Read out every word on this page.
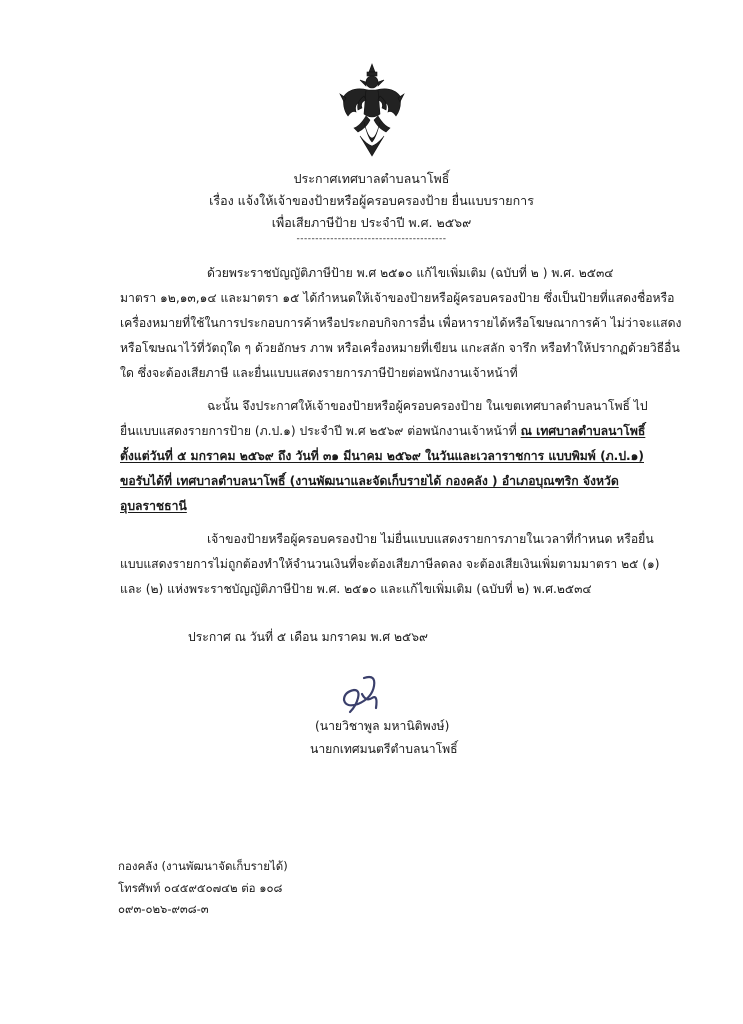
ประกาศเทศบาลตำบลนาโพธิ์
เรื่อง แจ้งให้เจ้าของป้ายหรือผู้ครอบครองป้าย ยื่นแบบรายการ
เพื่อเสียภาษีป้าย ประจำปี พ.ศ. ๒๕๖๙
----------------------------------------
ด้วยพระราชบัญญัติภาษีป้าย พ.ศ ๒๕๑๐ แก้ไขเพิ่มเติม (ฉบับที่ ๒ ) พ.ศ. ๒๕๓๔
มาตรา ๑๒,๑๓,๑๔ และมาตรา ๑๕ ได้กำหนดให้เจ้าของป้ายหรือผู้ครอบครองป้าย ซึ่งเป็นป้ายที่แสดงชื่อหรือ
เครื่องหมายที่ใช้ในการประกอบการค้าหรือประกอบกิจการอื่น เพื่อหารายได้หรือโฆษณาการค้า ไม่ว่าจะแสดง
หรือโฆษณาไว้ที่วัตถุใด ๆ ด้วยอักษร ภาพ หรือเครื่องหมายที่เขียน แกะสลัก จารึก หรือทำให้ปรากฏด้วยวิธีอื่น
ใด ซึ่งจะต้องเสียภาษี และยื่นแบบแสดงรายการภาษีป้ายต่อพนักงานเจ้าหน้าที่
ฉะนั้น จึงประกาศให้เจ้าของป้ายหรือผู้ครอบครองป้าย ในเขตเทศบาลตำบลนาโพธิ์ ไป
ยื่นแบบแสดงรายการป้าย (ภ.ป.๑) ประจำปี พ.ศ ๒๕๖๙ ต่อพนักงานเจ้าหน้าที่ ณ เทศบาลตำบลนาโพธิ์
ตั้งแต่วันที่ ๕ มกราคม ๒๕๖๙ ถึง วันที่ ๓๑ มีนาคม ๒๕๖๙ ในวันและเวลาราชการ แบบพิมพ์ (ภ.ป.๑)
ขอรับได้ที่ เทศบาลตำบลนาโพธิ์ (งานพัฒนาและจัดเก็บรายได้ กองคลัง ) อำเภอบุณฑริก จังหวัด
อุบลราชธานี
เจ้าของป้ายหรือผู้ครอบครองป้าย ไม่ยื่นแบบแสดงรายการภายในเวลาที่กำหนด หรือยื่น
แบบแสดงรายการไม่ถูกต้องทำให้จำนวนเงินที่จะต้องเสียภาษีลดลง จะต้องเสียเงินเพิ่มตามมาตรา ๒๕ (๑)
และ (๒) แห่งพระราชบัญญัติภาษีป้าย พ.ศ. ๒๕๑๐ และแก้ไขเพิ่มเติม (ฉบับที่ ๒) พ.ศ.๒๕๓๔
ประกาศ ณ วันที่ ๕ เดือน มกราคม พ.ศ ๒๕๖๙
(นายวิชาพูล มหานิติพงษ์)
นายกเทศมนตรีตำบลนาโพธิ์
กองคลัง (งานพัฒนาจัดเก็บรายได้)
โทรศัพท์ ๐๔๕๙๕๐๗๔๒ ต่อ ๑๐๘
๐๙๓-๐๒๖-๙๓๘-๓
